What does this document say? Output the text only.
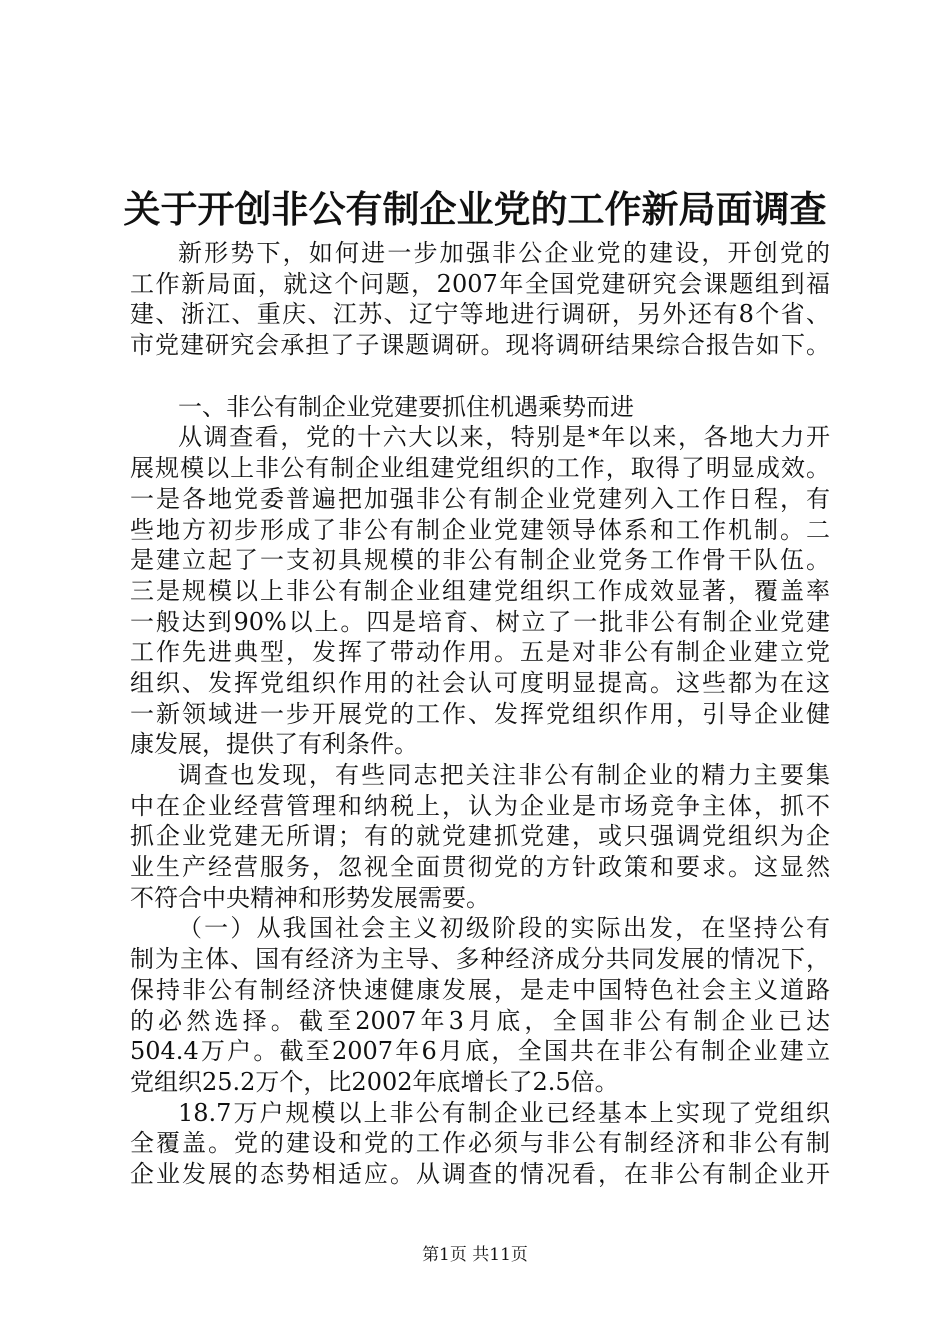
关于开创非公有制企业党的工作新局面调查
新形势下，如何进一步加强非公企业党的建设，开创党的
工作新局面，就这个问题，2007年全国党建研究会课题组到福
建、浙江、重庆、江苏、辽宁等地进行调研，另外还有8个省、
市党建研究会承担了子课题调研。现将调研结果综合报告如下。
一、非公有制企业党建要抓住机遇乘势而进
从调查看，党的十六大以来，特别是*年以来，各地大力开
展规模以上非公有制企业组建党组织的工作，取得了明显成效。
一是各地党委普遍把加强非公有制企业党建列入工作日程，有
些地方初步形成了非公有制企业党建领导体系和工作机制。二
是建立起了一支初具规模的非公有制企业党务工作骨干队伍。
三是规模以上非公有制企业组建党组织工作成效显著，覆盖率
一般达到90%以上。四是培育、树立了一批非公有制企业党建
工作先进典型，发挥了带动作用。五是对非公有制企业建立党
组织、发挥党组织作用的社会认可度明显提高。这些都为在这
一新领域进一步开展党的工作、发挥党组织作用，引导企业健
康发展，提供了有利条件。
调查也发现，有些同志把关注非公有制企业的精力主要集
中在企业经营管理和纳税上，认为企业是市场竞争主体，抓不
抓企业党建无所谓；有的就党建抓党建，或只强调党组织为企
业生产经营服务，忽视全面贯彻党的方针政策和要求。这显然
不符合中央精神和形势发展需要。
（一）从我国社会主义初级阶段的实际出发，在坚持公有
制为主体、国有经济为主导、多种经济成分共同发展的情况下，
保持非公有制经济快速健康发展，是走中国特色社会主义道路
的必然选择。截至2007年3月底，全国非公有制企业已达
504.4万户。截至2007年6月底，全国共在非公有制企业建立
党组织25.2万个，比2002年底增长了2.5倍。
18.7万户规模以上非公有制企业已经基本上实现了党组织
全覆盖。党的建设和党的工作必须与非公有制经济和非公有制
企业发展的态势相适应。从调查的情况看，在非公有制企业开
第1页 共11页
